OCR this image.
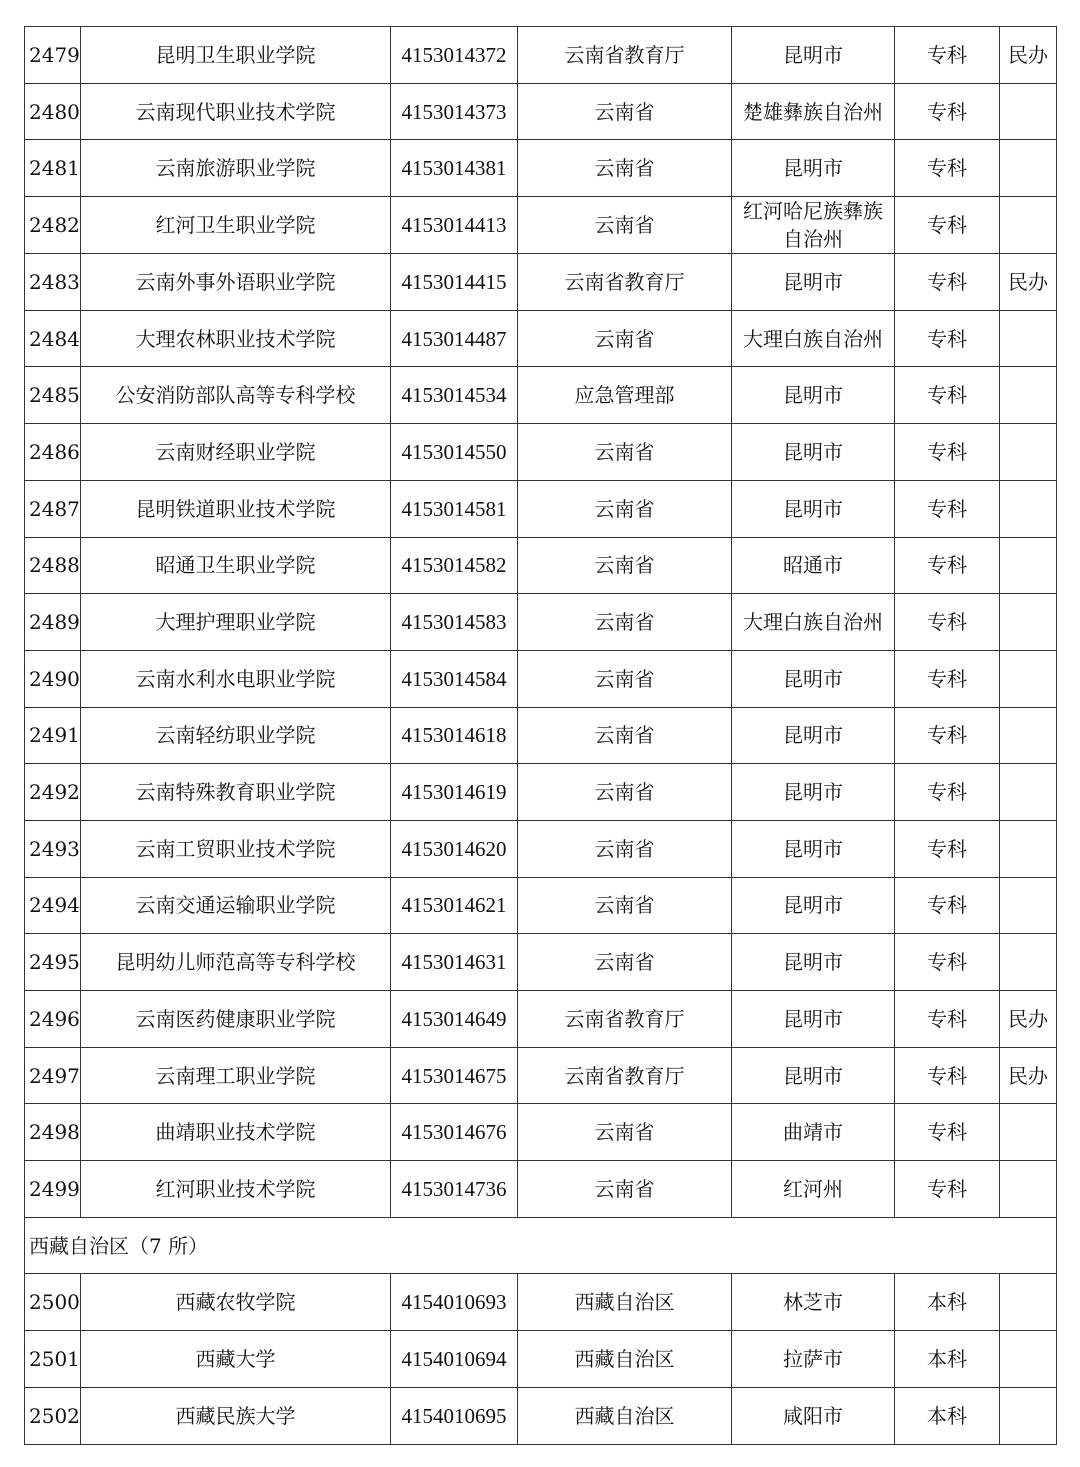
2479	昆明卫生职业学院	4153014372	云南省教育厅	昆明市	专科	民办
2480	云南现代职业技术学院	4153014373	云南省	楚雄彝族自治州	专科	
2481	云南旅游职业学院	4153014381	云南省	昆明市	专科	
2482	红河卫生职业学院	4153014413	云南省	红河哈尼族彝族自治州	专科	
2483	云南外事外语职业学院	4153014415	云南省教育厅	昆明市	专科	民办
2484	大理农林职业技术学院	4153014487	云南省	大理白族自治州	专科	
2485	公安消防部队高等专科学校	4153014534	应急管理部	昆明市	专科	
2486	云南财经职业学院	4153014550	云南省	昆明市	专科	
2487	昆明铁道职业技术学院	4153014581	云南省	昆明市	专科	
2488	昭通卫生职业学院	4153014582	云南省	昭通市	专科	
2489	大理护理职业学院	4153014583	云南省	大理白族自治州	专科	
2490	云南水利水电职业学院	4153014584	云南省	昆明市	专科	
2491	云南轻纺职业学院	4153014618	云南省	昆明市	专科	
2492	云南特殊教育职业学院	4153014619	云南省	昆明市	专科	
2493	云南工贸职业技术学院	4153014620	云南省	昆明市	专科	
2494	云南交通运输职业学院	4153014621	云南省	昆明市	专科	
2495	昆明幼儿师范高等专科学校	4153014631	云南省	昆明市	专科	
2496	云南医药健康职业学院	4153014649	云南省教育厅	昆明市	专科	民办
2497	云南理工职业学院	4153014675	云南省教育厅	昆明市	专科	民办
2498	曲靖职业技术学院	4153014676	云南省	曲靖市	专科	
2499	红河职业技术学院	4153014736	云南省	红河州	专科	
西藏自治区（7 所）						
2500	西藏农牧学院	4154010693	西藏自治区	林芝市	本科	
2501	西藏大学	4154010694	西藏自治区	拉萨市	本科	
2502	西藏民族大学	4154010695	西藏自治区	咸阳市	本科	
